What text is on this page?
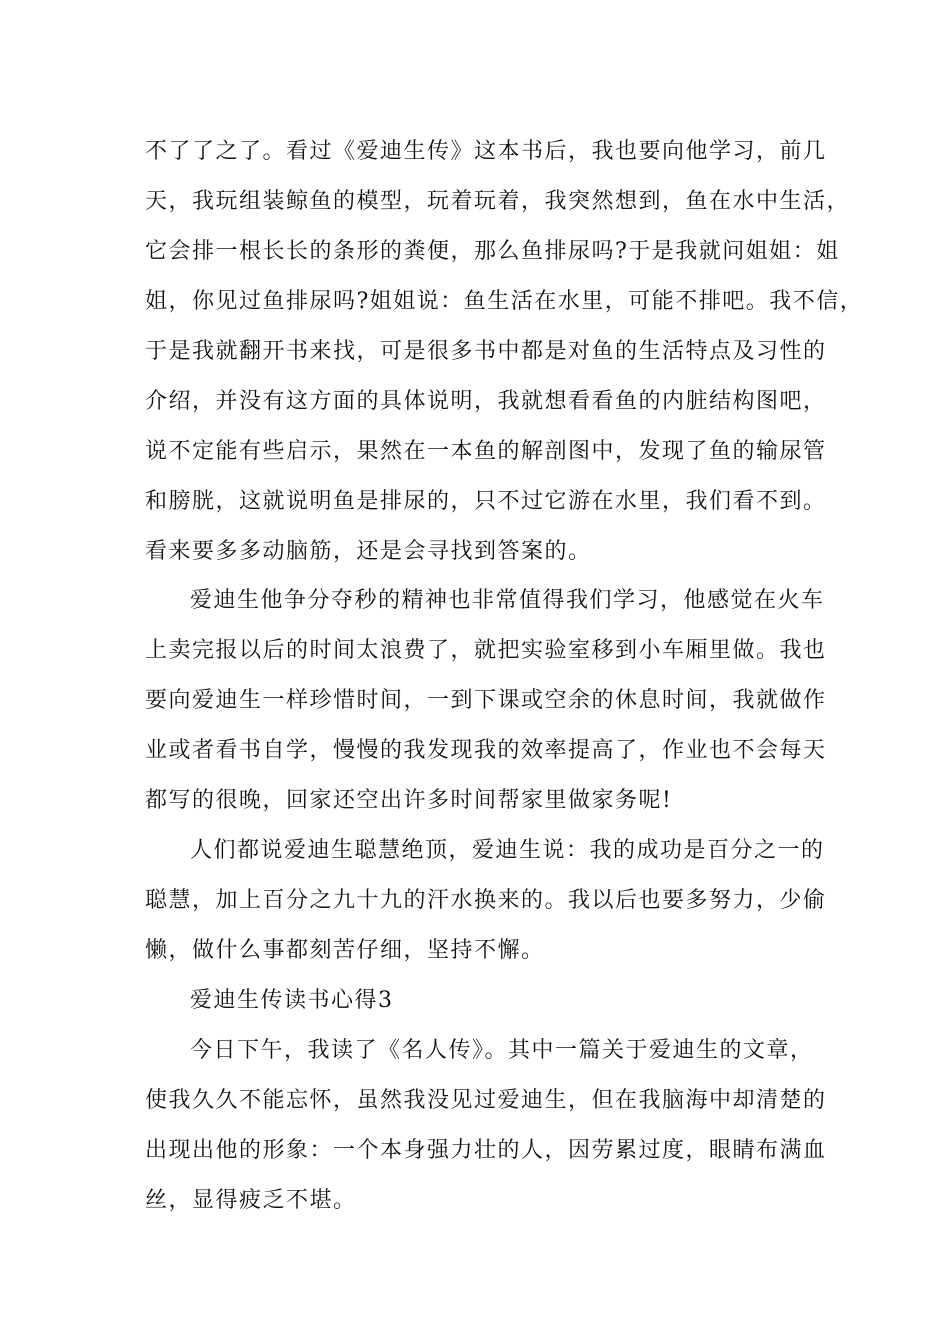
不了了之了。看过《爱迪生传》这本书后，我也要向他学习，前几
天，我玩组装鲸鱼的模型，玩着玩着，我突然想到，鱼在水中生活，
它会排一根长长的条形的粪便，那么鱼排尿吗?于是我就问姐姐：姐
姐，你见过鱼排尿吗?姐姐说：鱼生活在水里，可能不排吧。我不信，
于是我就翻开书来找，可是很多书中都是对鱼的生活特点及习性的
介绍，并没有这方面的具体说明，我就想看看鱼的内脏结构图吧，
说不定能有些启示，果然在一本鱼的解剖图中，发现了鱼的输尿管
和膀胱，这就说明鱼是排尿的，只不过它游在水里，我们看不到。
看来要多多动脑筋，还是会寻找到答案的。
爱迪生他争分夺秒的精神也非常值得我们学习，他感觉在火车
上卖完报以后的时间太浪费了，就把实验室移到小车厢里做。我也
要向爱迪生一样珍惜时间，一到下课或空余的休息时间，我就做作
业或者看书自学，慢慢的我发现我的效率提高了，作业也不会每天
都写的很晚，回家还空出许多时间帮家里做家务呢!
人们都说爱迪生聪慧绝顶，爱迪生说：我的成功是百分之一的
聪慧，加上百分之九十九的汗水换来的。我以后也要多努力，少偷
懒，做什么事都刻苦仔细，坚持不懈。
爱迪生传读书心得3
今日下午，我读了《名人传》。其中一篇关于爱迪生的文章，
使我久久不能忘怀，虽然我没见过爱迪生，但在我脑海中却清楚的
出现出他的形象：一个本身强力壮的人，因劳累过度，眼睛布满血
丝，显得疲乏不堪。
